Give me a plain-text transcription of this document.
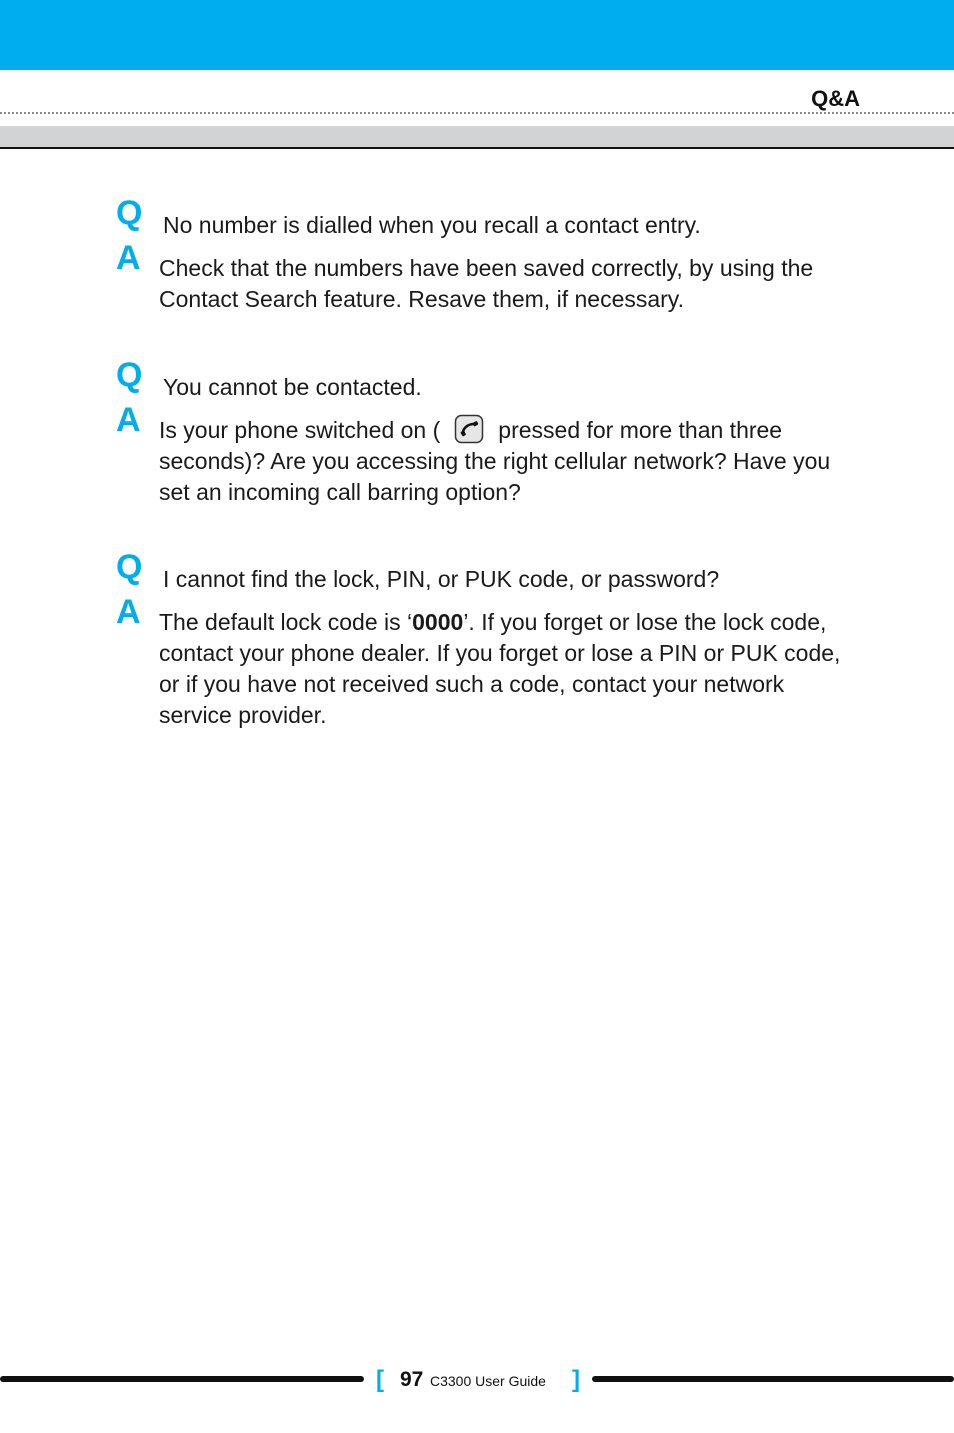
Q&A
Q No number is dialled when you recall a contact entry.
A Check that the numbers have been saved correctly, by using the Contact Search feature. Resave them, if necessary.
Q You cannot be contacted.
A Is your phone switched on (	pressed for more than three seconds)? Are you accessing the right cellular network? Have you set an incoming call barring option?
Q I cannot find the lock, PIN, or PUK code, or password?
A The default lock code is ‘0000’. If you forget or lose the lock code, contact your phone dealer. If you forget or lose a PIN or PUK code, or if you have not received such a code, contact your network service provider.
[ 97 C3300 User Guide ]
